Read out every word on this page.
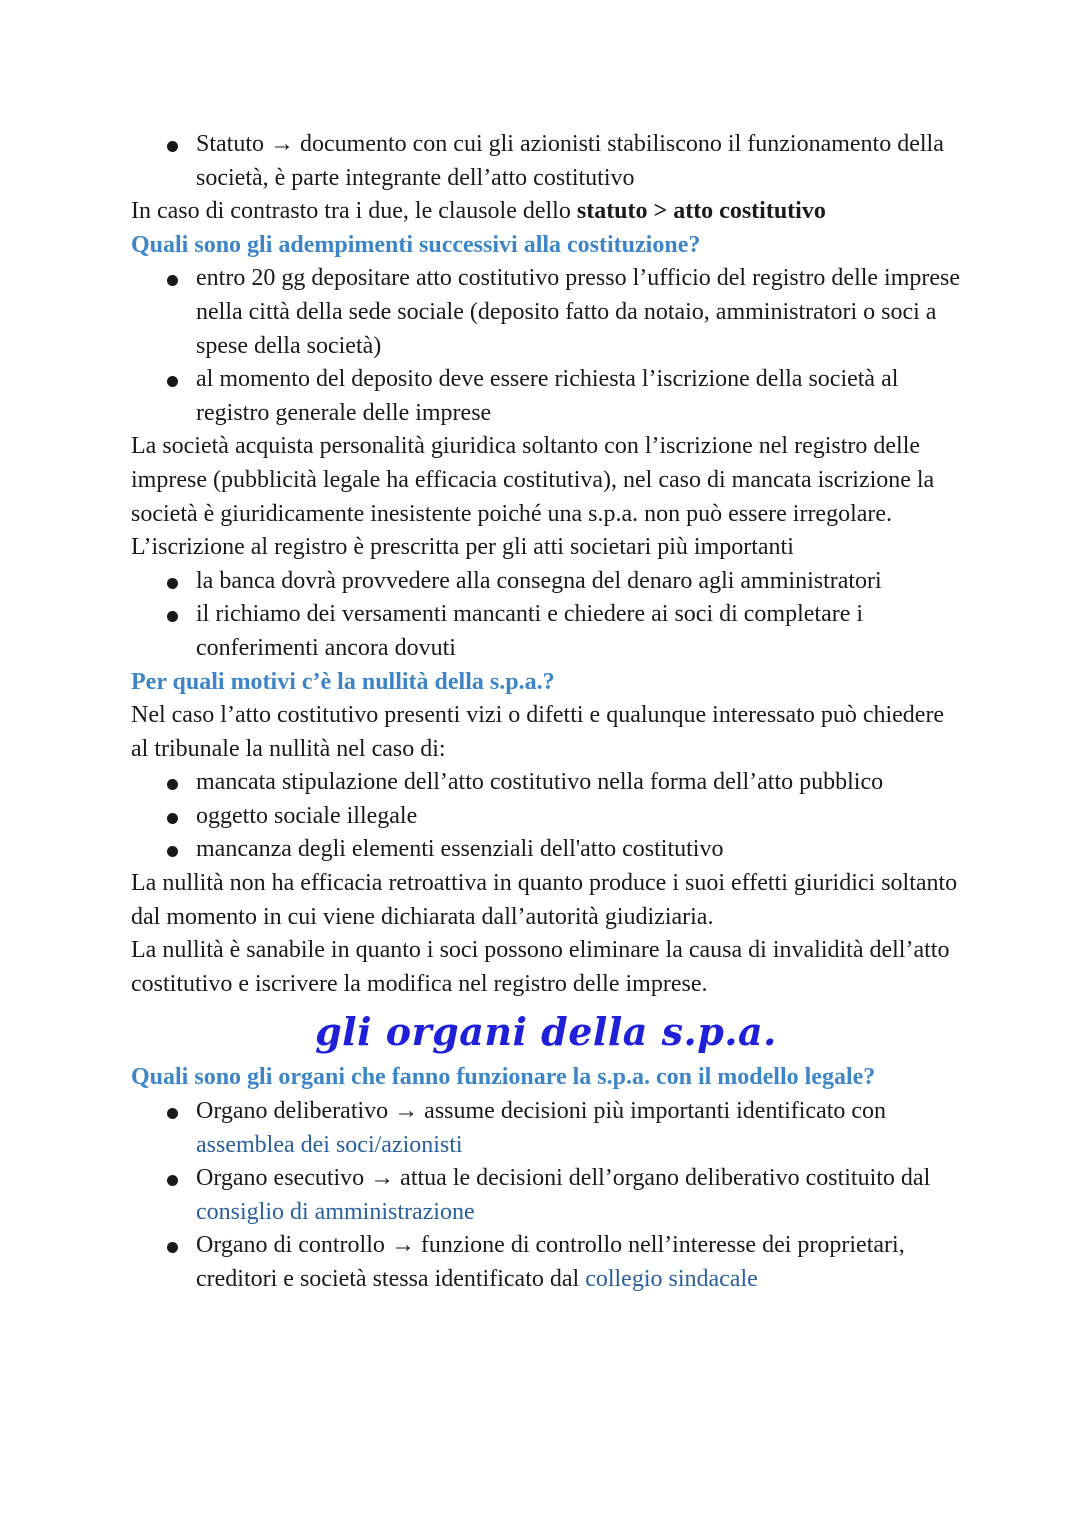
Statuto → documento con cui gli azionisti stabiliscono il funzionamento della società, è parte integrante dell’atto costitutivo

In caso di contrasto tra i due, le clausole dello statuto > atto costitutivo

Quali sono gli adempimenti successivi alla costituzione?

entro 20 gg depositare atto costitutivo presso l’ufficio del registro delle imprese nella città della sede sociale (deposito fatto da notaio, amministratori o soci a spese della società)
al momento del deposito deve essere richiesta l’iscrizione della società al registro generale delle imprese

La società acquista personalità giuridica soltanto con l’iscrizione nel registro delle imprese (pubblicità legale ha efficacia costitutiva), nel caso di mancata iscrizione la società è giuridicamente inesistente poiché una s.p.a. non può essere irregolare. L’iscrizione al registro è prescritta per gli atti societari più importanti

la banca dovrà provvedere alla consegna del denaro agli amministratori
il richiamo dei versamenti mancanti e chiedere ai soci di completare i conferimenti ancora dovuti

Per quali motivi c’è la nullità della s.p.a.?

Nel caso l’atto costitutivo presenti vizi o difetti e qualunque interessato può chiedere al tribunale la nullità nel caso di:

mancata stipulazione dell’atto costitutivo nella forma dell’atto pubblico
oggetto sociale illegale
mancanza degli elementi essenziali dell'atto costitutivo

La nullità non ha efficacia retroattiva in quanto produce i suoi effetti giuridici soltanto dal momento in cui viene dichiarata dall’autorità giudiziaria.

La nullità è sanabile in quanto i soci possono eliminare la causa di invalidità dell’atto costitutivo e iscrivere la modifica nel registro delle imprese.

gli organi della s.p.a.

Quali sono gli organi che fanno funzionare la s.p.a. con il modello legale?

Organo deliberativo → assume decisioni più importanti identificato con assemblea dei soci/azionisti
Organo esecutivo → attua le decisioni dell’organo deliberativo costituito dal consiglio di amministrazione
Organo di controllo → funzione di controllo nell’interesse dei proprietari, creditori e società stessa identificato dal collegio sindacale
